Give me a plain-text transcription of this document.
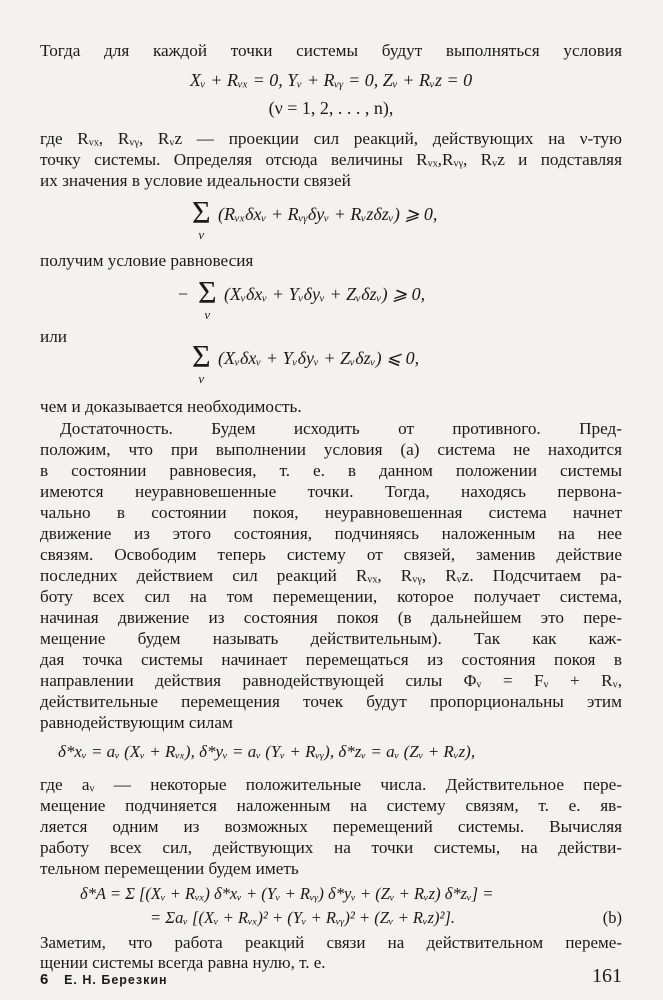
Тогда для каждой точки системы будут выполняться условия
Xᵥ + Rᵥₓ = 0, Yᵥ + Rᵥᵧ = 0, Zᵥ + Rᵥz = 0
(ν = 1, 2, . . . , n),
где Rᵥₓ, Rᵥᵧ, Rᵥz — проекции сил реакций, действующих на ν-тую
точку системы. Определяя отсюда величины Rᵥₓ,Rᵥᵧ, Rᵥz и подставляя
их значения в условие идеальности связей
Σ
ν
(Rᵥₓδxᵥ + Rᵥᵧδyᵥ + Rᵥzδzᵥ) ⩾ 0,
получим условие равновесия
− Σ
ν
(Xᵥδxᵥ + Yᵥδyᵥ + Zᵥδzᵥ) ⩾ 0,
или
Σ
ν
(Xᵥδxᵥ + Yᵥδyᵥ + Zᵥδzᵥ) ⩽ 0,
чем и доказывается необходимость.
Достаточность. Будем исходить от противного. Пред-
положим, что при выполнении условия (а) система не находится
в состоянии равновесия, т. е. в данном положении системы
имеются неуравновешенные точки. Тогда, находясь первона-
чально в состоянии покоя, неуравновешенная система начнет
движение из этого состояния, подчиняясь наложенным на нее
связям. Освободим теперь систему от связей, заменив действие
последних действием сил реакций Rᵥₓ, Rᵥᵧ, Rᵥz. Подсчитаем ра-
боту всех сил на том перемещении, которое получает система,
начиная движение из состояния покоя (в дальнейшем это пере-
мещение будем называть действительным). Так как каж-
дая точка системы начинает перемещаться из состояния покоя в
направлении действия равнодействующей силы Φᵥ = Fᵥ + Rᵥ,
действительные перемещения точек будут пропорциональны этим
равнодействующим силам
δ*xᵥ = aᵥ (Xᵥ + Rᵥₓ), δ*yᵥ = aᵥ (Yᵥ + Rᵥᵧ), δ*zᵥ = aᵥ (Zᵥ + Rᵥz),
где aᵥ — некоторые положительные числа. Действительное пере-
мещение подчиняется наложенным на систему связям, т. е. яв-
ляется одним из возможных перемещений системы. Вычисляя
работу всех сил, действующих на точки системы, на действи-
тельном перемещении будем иметь
δ*A = Σ [(Xᵥ + Rᵥₓ) δ*xᵥ + (Yᵥ + Rᵥᵧ) δ*yᵥ + (Zᵥ + Rᵥz) δ*zᵥ] =
= Σaᵥ [(Xᵥ + Rᵥₓ)² + (Yᵥ + Rᵥᵧ)² + (Zᵥ + Rᵥz)²].	(b)
6 Е. Н. Березкин	161
Заметим, что работа реакций связи на действительном переме-
щении системы всегда равна нулю, т. е.
